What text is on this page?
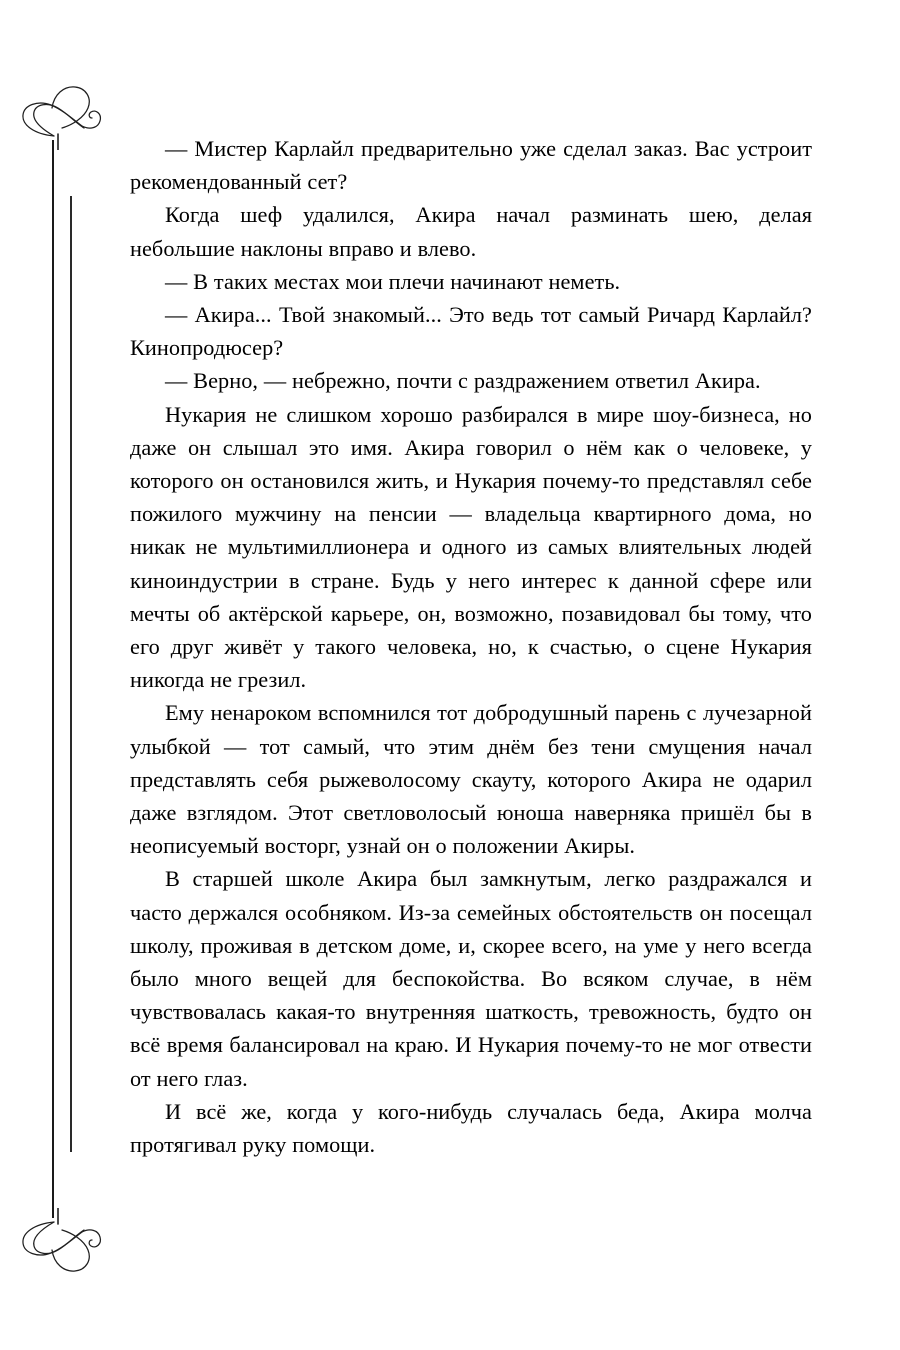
— Мистер Карлайл предварительно уже сделал заказ. Вас устроит рекомендованный сет?

Когда шеф удалился, Акира начал разминать шею, делая небольшие наклоны вправо и влево.

— В таких местах мои плечи начинают неметь.

— Акира... Твой знакомый... Это ведь тот самый Ричард Карлайл? Кинопродюсер?

— Верно, — небрежно, почти с раздражением ответил Акира.

Нукария не слишком хорошо разбирался в мире шоу-бизнеса, но даже он слышал это имя. Акира говорил о нём как о человеке, у которого он остановился жить, и Нукария почему-то представлял себе пожилого мужчину на пенсии — владельца квартирного дома, но никак не мультимиллионера и одного из самых влиятельных людей киноиндустрии в стране. Будь у него интерес к данной сфере или мечты об актёрской карьере, он, возможно, позавидовал бы тому, что его друг живёт у такого человека, но, к счастью, о сцене Нукария никогда не грезил.

Ему ненароком вспомнился тот добродушный парень с лучезарной улыбкой — тот самый, что этим днём без тени смущения начал представлять себя рыжеволосому скауту, которого Акира не одарил даже взглядом. Этот светловолосый юноша наверняка пришёл бы в неописуемый восторг, узнай он о положении Акиры.

В старшей школе Акира был замкнутым, легко раздражался и часто держался особняком. Из-за семейных обстоятельств он посещал школу, проживая в детском доме, и, скорее всего, на уме у него всегда было много вещей для беспокойства. Во всяком случае, в нём чувствовалась какая-то внутренняя шаткость, тревожность, будто он всё время балансировал на краю. И Нукария почему-то не мог отвести от него глаз.

И всё же, когда у кого-нибудь случалась беда, Акира молча протягивал руку помощи.
